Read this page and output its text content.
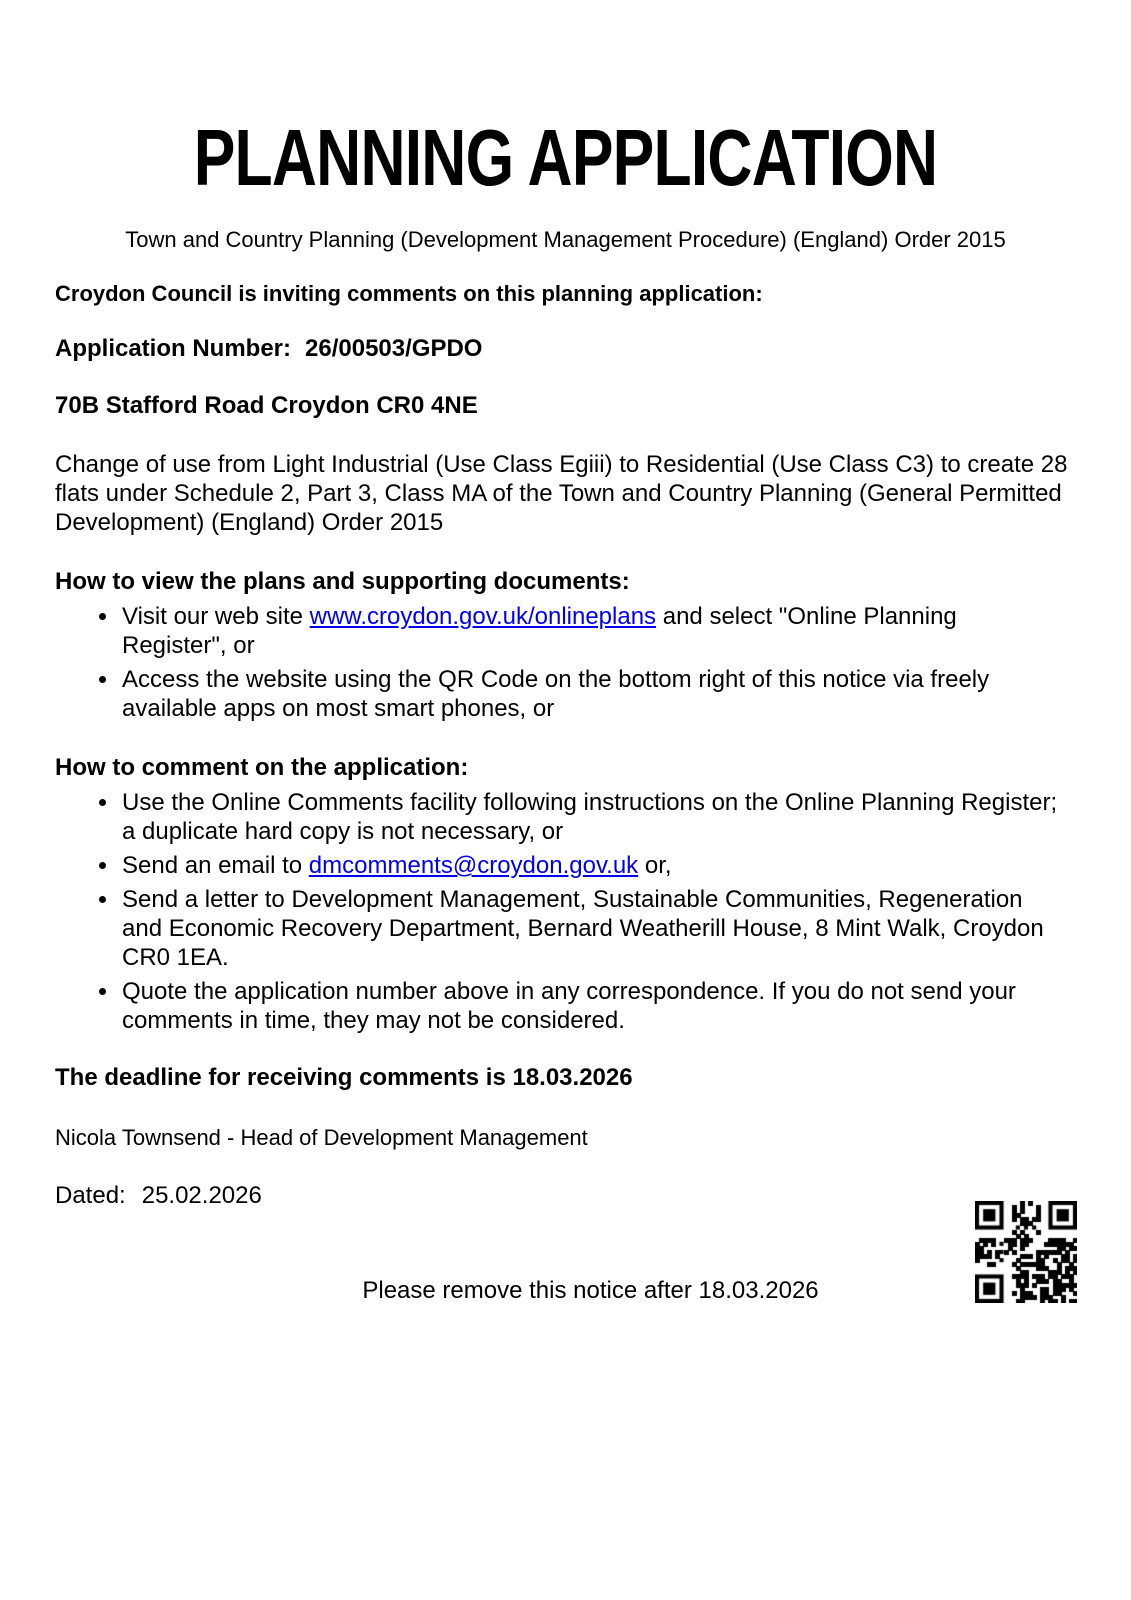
PLANNING APPLICATION

Town and Country Planning (Development Management Procedure) (England) Order 2015

Croydon Council is inviting comments on this planning application:

Application Number: 26/00503/GPDO

70B Stafford Road Croydon CR0 4NE

Change of use from Light Industrial (Use Class Egiii) to Residential (Use Class C3) to create 28 flats under Schedule 2, Part 3, Class MA of the Town and Country Planning (General Permitted Development) (England) Order 2015

How to view the plans and supporting documents:

• Visit our web site www.croydon.gov.uk/onlineplans and select "Online Planning Register", or
• Access the website using the QR Code on the bottom right of this notice via freely available apps on most smart phones, or

How to comment on the application:

• Use the Online Comments facility following instructions on the Online Planning Register; a duplicate hard copy is not necessary, or
• Send an email to dmcomments@croydon.gov.uk or,
• Send a letter to Development Management, Sustainable Communities, Regeneration and Economic Recovery Department, Bernard Weatherill House, 8 Mint Walk, Croydon CR0 1EA.
• Quote the application number above in any correspondence. If you do not send your comments in time, they may not be considered.

The deadline for receiving comments is 18.03.2026

Nicola Townsend - Head of Development Management

Dated: 25.02.2026

Please remove this notice after 18.03.2026
